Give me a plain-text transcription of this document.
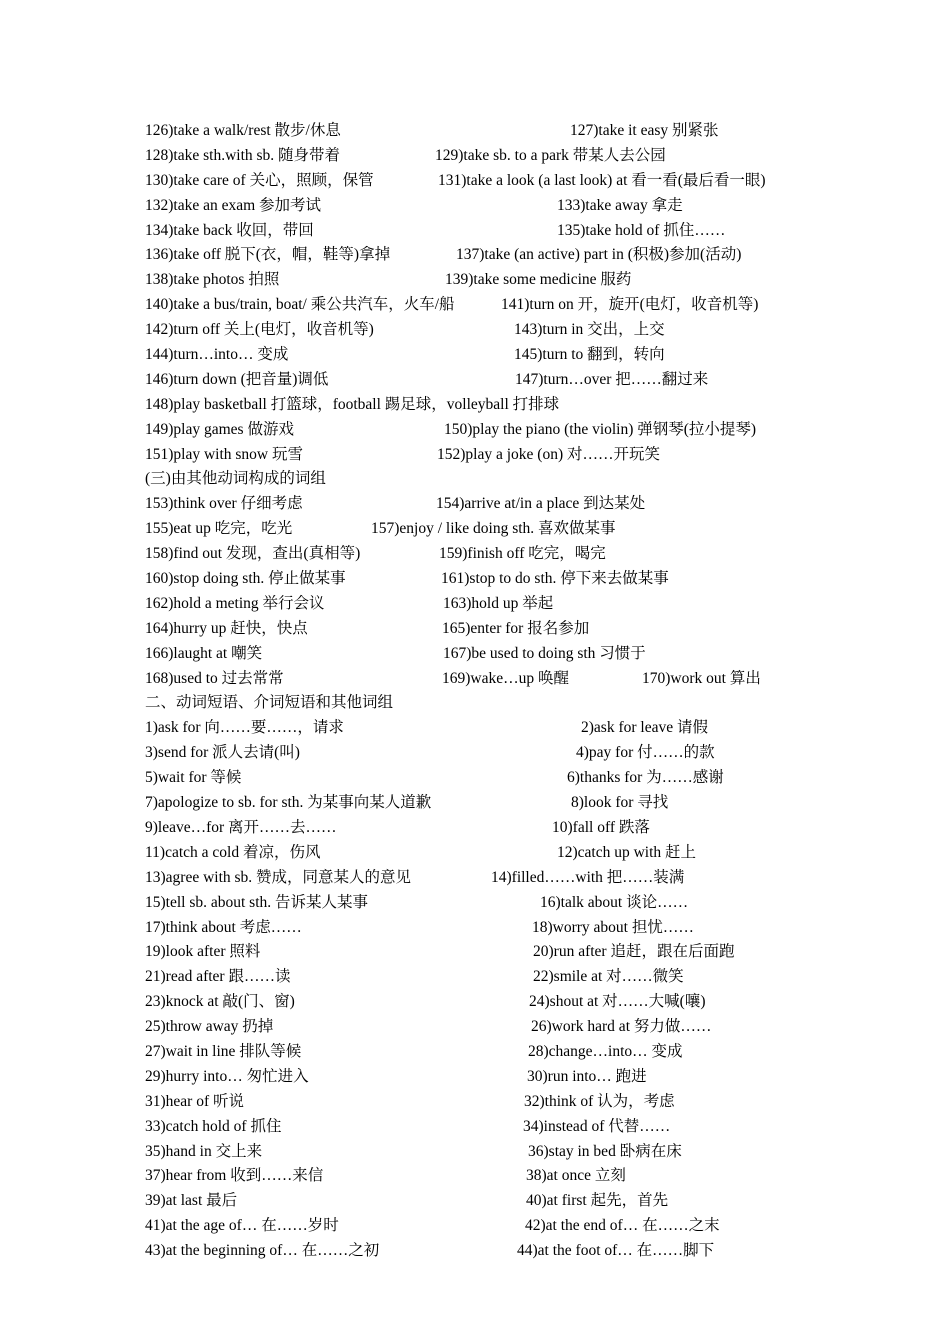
126)take a walk/rest 散步/休息	127)take it easy 别紧张
128)take sth.with sb. 随身带着	129)take sb. to a park 带某人去公园
130)take care of 关心，照顾，保管	131)take a look (a last look) at 看一看(最后看一眼)
132)take an exam 参加考试	133)take away 拿走
134)take back 收回，带回	135)take hold of 抓住……
136)take off 脱下(衣，帽，鞋等)拿掉	137)take (an active) part in (积极)参加(活动)
138)take photos 拍照	139)take some medicine 服药
140)take a bus/train, boat/ 乘公共汽车，火车/船	141)turn on 开，旋开(电灯，收音机等)
142)turn off 关上(电灯，收音机等)	143)turn in 交出，上交
144)turn…into… 变成	145)turn to 翻到，转向
146)turn down (把音量)调低	147)turn…over 把……翻过来
148)play basketball 打篮球，football 踢足球，volleyball 打排球
149)play games 做游戏	150)play the piano (the violin) 弹钢琴(拉小提琴)
151)play with snow 玩雪	152)play a joke (on) 对……开玩笑
(三)由其他动词构成的词组
153)think over 仔细考虑	154)arrive at/in a place 到达某处
155)eat up 吃完，吃光	157)enjoy / like doing sth. 喜欢做某事
158)find out 发现，查出(真相等)	159)finish off 吃完，喝完
160)stop doing sth. 停止做某事	161)stop to do sth. 停下来去做某事
162)hold a meting 举行会议	163)hold up 举起
164)hurry up 赶快，快点	165)enter for 报名参加
166)laught at 嘲笑	167)be used to doing sth 习惯于
168)used to 过去常常	169)wake…up 唤醒	170)work out 算出
二、动词短语、介词短语和其他词组
1)ask for 向……要……，请求	2)ask for leave 请假
3)send for 派人去请(叫)	4)pay for 付……的款
5)wait for 等候	6)thanks for 为……感谢
7)apologize to sb. for sth. 为某事向某人道歉	8)look for 寻找
9)leave…for 离开……去……	10)fall off 跌落
11)catch a cold 着凉，伤风	12)catch up with 赶上
13)agree with sb. 赞成，同意某人的意见	14)filled……with 把……装满
15)tell sb. about sth. 告诉某人某事	16)talk about 谈论……
17)think about 考虑……	18)worry about 担忧……
19)look after 照料	20)run after 追赶，跟在后面跑
21)read after 跟……读	22)smile at 对……微笑
23)knock at 敲(门、窗)	24)shout at 对……大喊(嚷)
25)throw away 扔掉	26)work hard at 努力做……
27)wait in line 排队等候	28)change…into… 变成
29)hurry into… 匆忙进入	30)run into… 跑进
31)hear of 听说	32)think of 认为，考虑
33)catch hold of 抓住	34)instead of 代替……
35)hand in 交上来	36)stay in bed 卧病在床
37)hear from 收到……来信	38)at once 立刻
39)at last 最后	40)at first 起先，首先
41)at the age of… 在……岁时	42)at the end of… 在……之末
43)at the beginning of… 在……之初	44)at the foot of… 在……脚下
